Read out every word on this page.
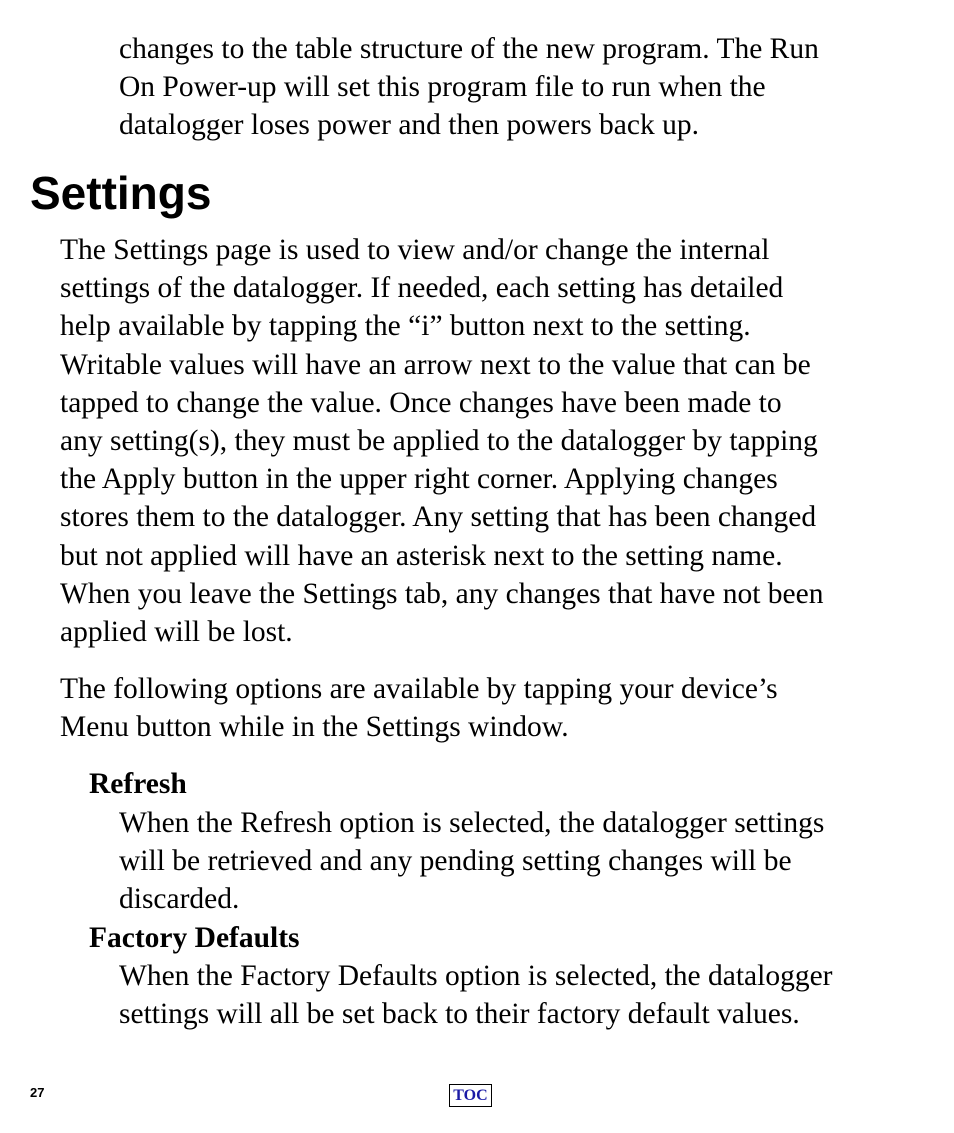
changes to the table structure of the new program. The Run
On Power-up will set this program file to run when the
datalogger loses power and then powers back up.

Settings

The Settings page is used to view and/or change the internal
settings of the datalogger. If needed, each setting has detailed
help available by tapping the “i” button next to the setting.
Writable values will have an arrow next to the value that can be
tapped to change the value. Once changes have been made to
any setting(s), they must be applied to the datalogger by tapping
the Apply button in the upper right corner. Applying changes
stores them to the datalogger. Any setting that has been changed
but not applied will have an asterisk next to the setting name.
When you leave the Settings tab, any changes that have not been
applied will be lost.

The following options are available by tapping your device’s
Menu button while in the Settings window.

Refresh

When the Refresh option is selected, the datalogger settings
will be retrieved and any pending setting changes will be
discarded.

Factory Defaults

When the Factory Defaults option is selected, the datalogger
settings will all be set back to their factory default values.

27	TOC
